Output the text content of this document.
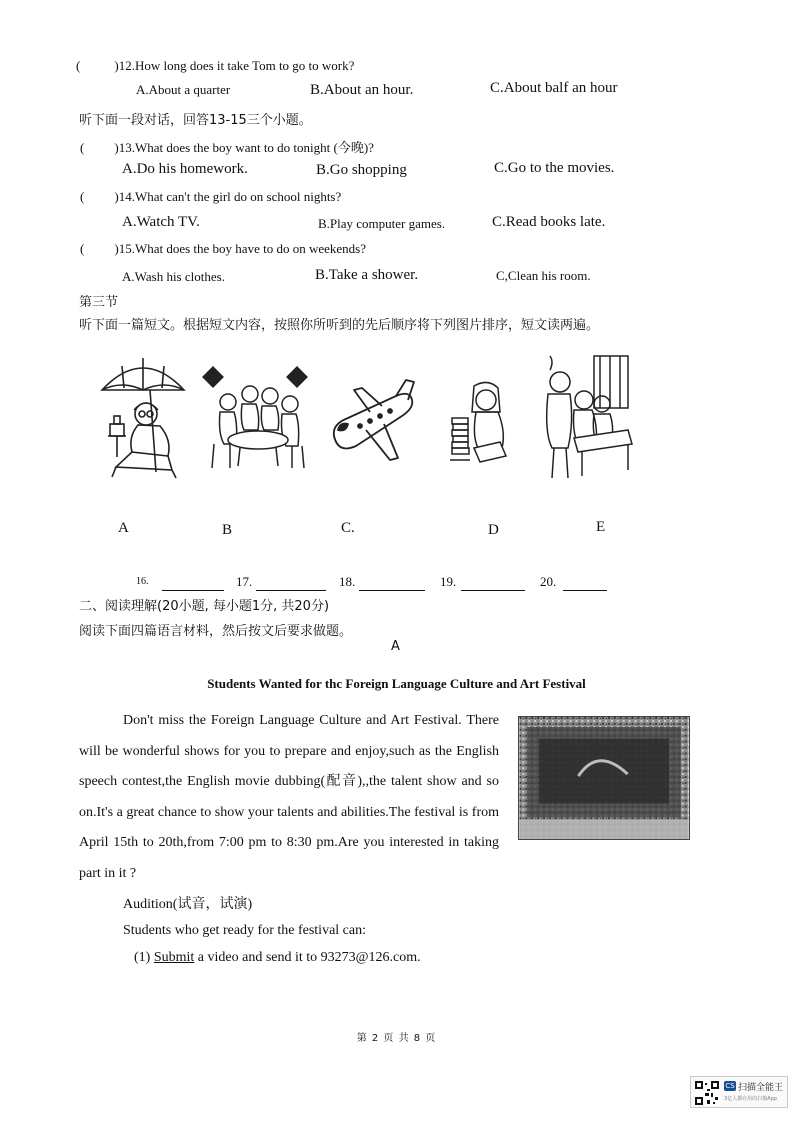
(	)12.How long does it take Tom to go to work?
A.About a quarter	B.About an hour.	C.About balf an hour
听下面一段对话，回答13-15三个小题。
( )13.What does the boy want to do tonight (今晚)?
A.Do his homework.	B.Go shopping	C.Go to the movies.
( )14.What can't the girl do on school nights?
A.Watch TV.	B.Play computer games.	C.Read books late.
( )15.What does the boy have to do on weekends?
A.Wash his clothes.	B.Take a shower.	C,Clean his room.
第三节
听下面一篇短文。根据短文内容，按照你所听到的先后顺序将下列图片排序，短文读两遍。
A	B	C.	D	E
16.	17.	18.	19.	20.
二、阅读理解(20小题, 每小题1分, 共20分)
阅读下面四篇语言材料，然后按文后要求做题。
A
Students Wanted for thc Foreign Language Culture and Art Festival
Don't miss the Foreign Language Culture and Art Festival. There will be wonderful shows for you to prepare and enjoy,such as the English speech contest,the English movie dubbing(配音),,the talent show and so on.It's a great chance to show your talents and abilities.The festival is from April 15th to 20th,from 7:00 pm to 8:30 pm.Are you interested in taking part in it ?
Audition(试音，试演)
Students who get ready for the festival can:
(1) Submit a video and send it to 93273@126.com.
第 2 页 共 8 页
CS 扫描全能王
3亿人都在用的扫描App
